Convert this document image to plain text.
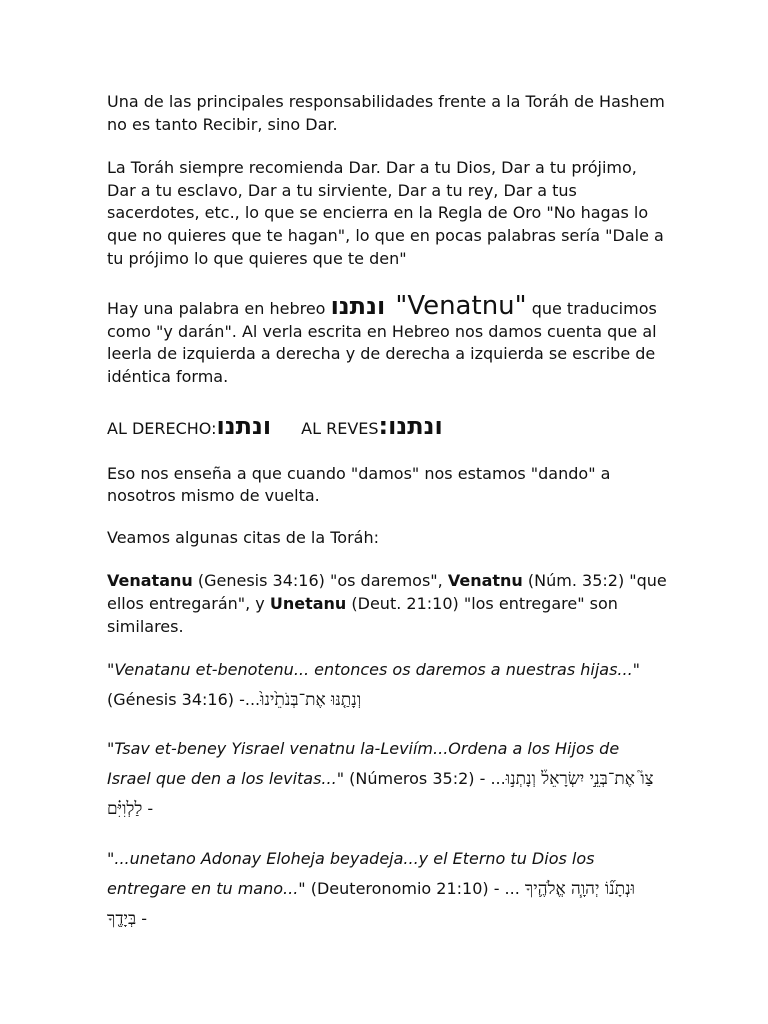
Una de las principales responsabilidades frente a la Toráh de Hashem no es tanto Recibir, sino Dar.

La Toráh siempre recomienda Dar. Dar a tu Dios, Dar a tu prójimo, Dar a tu esclavo, Dar a tu sirviente, Dar a tu rey, Dar a tus sacerdotes, etc., lo que se encierra en la Regla de Oro "No hagas lo que no quieres que te hagan", lo que en pocas palabras sería "Dale a tu prójimo lo que quieres que te den"

Hay una palabra en hebreo ונתנו "Venatnu" que traducimos como "y darán". Al verla escrita en Hebreo nos damos cuenta que al leerla de izquierda a derecha y de derecha a izquierda se escribe de idéntica forma.

AL DERECHO: ונתנו AL REVES : ונתנו

Eso nos enseña a que cuando "damos" nos estamos "dando" a nosotros mismo de vuelta.

Veamos algunas citas de la Toráh:

Venatanu (Genesis 34:16) "os daremos", Venatnu (Núm. 35:2) "que ellos entregarán", y Unetanu (Deut. 21:10) "los entregare" son similares.

"Venatanu et-benotenu... entonces os daremos a nuestras hijas..."(Génesis 34:16) -...וְנָתַ֤נּוּ אֶת־בְּנֹתֵ֙ינוּ֙

"Tsav et-beney Yisrael venatnu la-Leviím...Ordena a los Hijos de Israel que den a los levitas..." (Números 35:2) - ...צַו֮ אֶת־בְּנֵ֣י יִשְׂרָאֵל֒ וְנָתְנ֣וּ לַלְוִיִּ֗ם -

"...unetano Adonay Eloheja beyadeja...y el Eterno tu Dios los entregare en tu mano..." (Deuteronomio 21:10) - ... וּנְתָנ֞וֹ יְהוָ֧ה אֱלֹהֶ֛יךָ בְּיָדֶ֖ךָ -
